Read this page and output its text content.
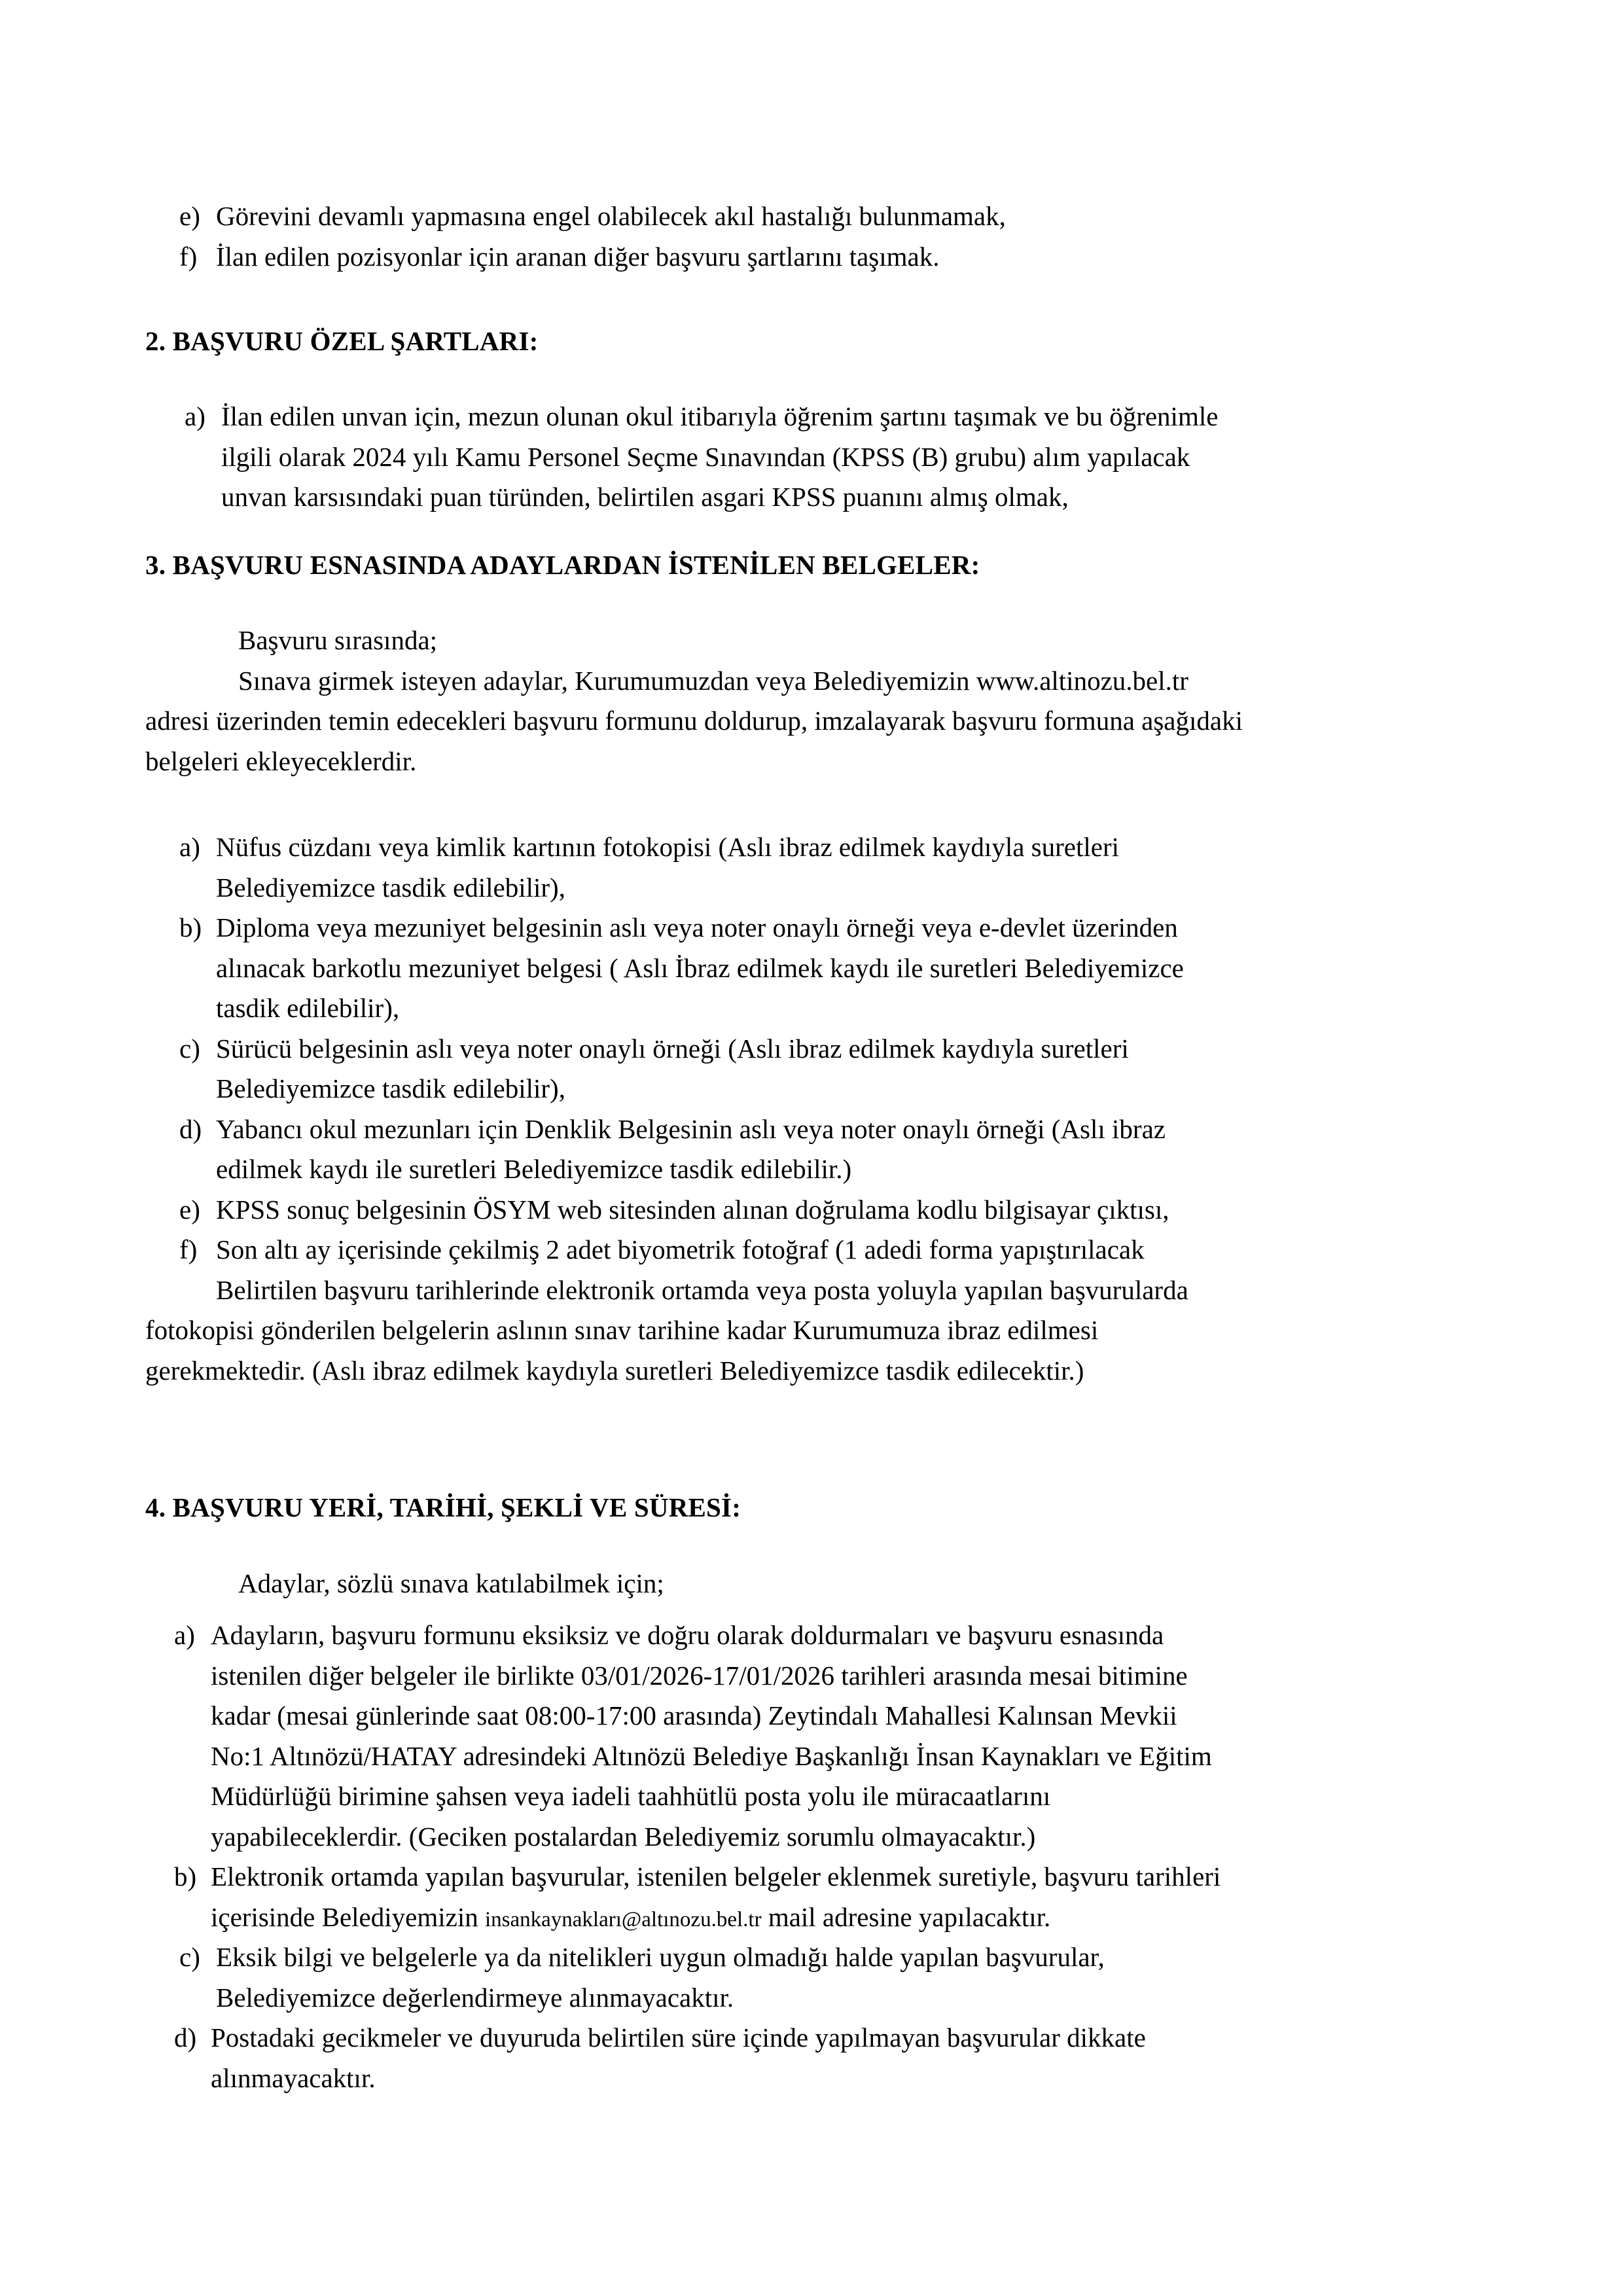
e) Görevini devamlı yapmasına engel olabilecek akıl hastalığı bulunmamak,
f) İlan edilen pozisyonlar için aranan diğer başvuru şartlarını taşımak.
2. BAŞVURU ÖZEL ŞARTLARI:
a) İlan edilen unvan için, mezun olunan okul itibarıyla öğrenim şartını taşımak ve bu öğrenimle
ilgili olarak 2024 yılı Kamu Personel Seçme Sınavından (KPSS (B) grubu) alım yapılacak
unvan karsısındaki puan türünden, belirtilen asgari KPSS puanını almış olmak,
3. BAŞVURU ESNASINDA ADAYLARDAN İSTENİLEN BELGELER:
Başvuru sırasında;
Sınava girmek isteyen adaylar, Kurumumuzdan veya Belediyemizin www.altinozu.bel.tr
adresi üzerinden temin edecekleri başvuru formunu doldurup, imzalayarak başvuru formuna aşağıdaki
belgeleri ekleyeceklerdir.
a) Nüfus cüzdanı veya kimlik kartının fotokopisi (Aslı ibraz edilmek kaydıyla suretleri
Belediyemizce tasdik edilebilir),
b) Diploma veya mezuniyet belgesinin aslı veya noter onaylı örneği veya e-devlet üzerinden
alınacak barkotlu mezuniyet belgesi ( Aslı İbraz edilmek kaydı ile suretleri Belediyemizce
tasdik edilebilir),
c) Sürücü belgesinin aslı veya noter onaylı örneği (Aslı ibraz edilmek kaydıyla suretleri
Belediyemizce tasdik edilebilir),
d) Yabancı okul mezunları için Denklik Belgesinin aslı veya noter onaylı örneği (Aslı ibraz
edilmek kaydı ile suretleri Belediyemizce tasdik edilebilir.)
e) KPSS sonuç belgesinin ÖSYM web sitesinden alınan doğrulama kodlu bilgisayar çıktısı,
f) Son altı ay içerisinde çekilmiş 2 adet biyometrik fotoğraf (1 adedi forma yapıştırılacak
Belirtilen başvuru tarihlerinde elektronik ortamda veya posta yoluyla yapılan başvurularda
fotokopisi gönderilen belgelerin aslının sınav tarihine kadar Kurumumuza ibraz edilmesi
gerekmektedir. (Aslı ibraz edilmek kaydıyla suretleri Belediyemizce tasdik edilecektir.)
4. BAŞVURU YERİ, TARİHİ, ŞEKLİ VE SÜRESİ:
Adaylar, sözlü sınava katılabilmek için;
a) Adayların, başvuru formunu eksiksiz ve doğru olarak doldurmaları ve başvuru esnasında
istenilen diğer belgeler ile birlikte 03/01/2026-17/01/2026 tarihleri arasında mesai bitimine
kadar (mesai günlerinde saat 08:00-17:00 arasında) Zeytindalı Mahallesi Kalınsan Mevkii
No:1 Altınözü/HATAY adresindeki Altınözü Belediye Başkanlığı İnsan Kaynakları ve Eğitim
Müdürlüğü birimine şahsen veya iadeli taahhütlü posta yolu ile müracaatlarını
yapabileceklerdir. (Geciken postalardan Belediyemiz sorumlu olmayacaktır.)
b) Elektronik ortamda yapılan başvurular, istenilen belgeler eklenmek suretiyle, başvuru tarihleri
içerisinde Belediyemizin insankaynakları@altınozu.bel.tr mail adresine yapılacaktır.
c) Eksik bilgi ve belgelerle ya da nitelikleri uygun olmadığı halde yapılan başvurular,
Belediyemizce değerlendirmeye alınmayacaktır.
d) Postadaki gecikmeler ve duyuruda belirtilen süre içinde yapılmayan başvurular dikkate
alınmayacaktır.
